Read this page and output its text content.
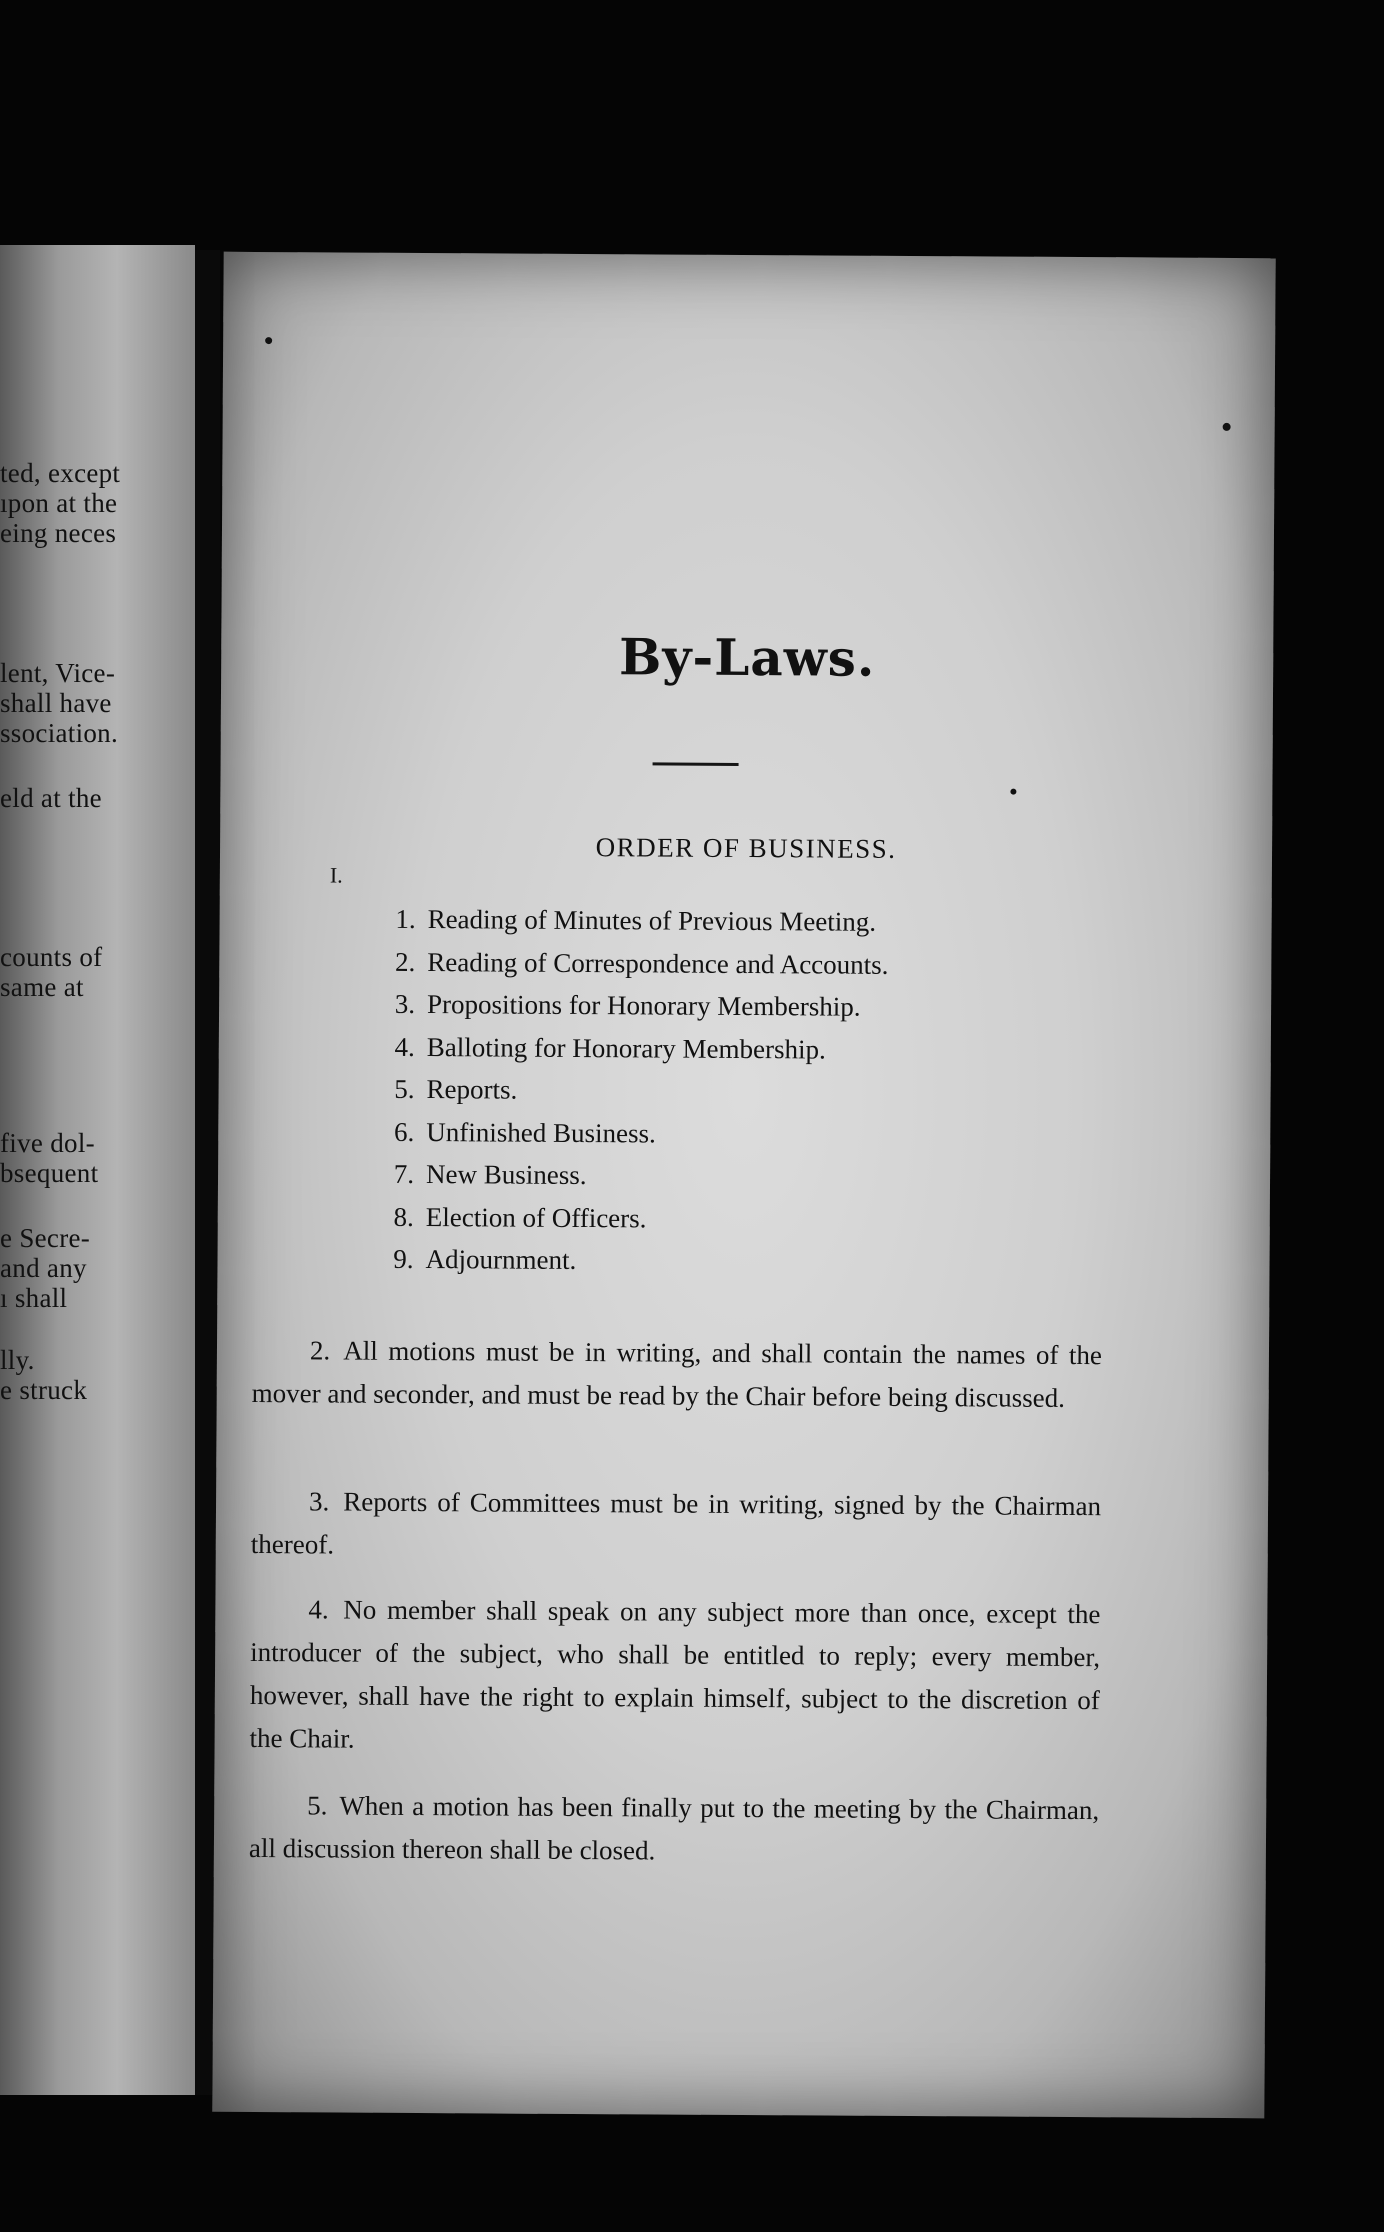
ted, except
ıpon at the
eing neces
lent, Vice-
shall have
ssociation.
eld at the
counts of
same at
five dol-
bsequent
e Secre-
and any
ı shall
lly.
e struck
By-Laws.
ORDER OF BUSINESS.
I.
1. Reading of Minutes of Previous Meeting.
2. Reading of Correspondence and Accounts.
3. Propositions for Honorary Membership.
4. Balloting for Honorary Membership.
5. Reports.
6. Unfinished Business.
7. New Business.
8. Election of Officers.
9. Adjournment.
2. All motions must be in writing, and shall contain the names of the mover and seconder, and must be read by the Chair before being discussed.
3. Reports of Committees must be in writing, signed by the Chairman thereof.
4. No member shall speak on any subject more than once, except the introducer of the subject, who shall be entitled to reply; every member, however, shall have the right to explain himself, subject to the discretion of the Chair.
5. When a motion has been finally put to the meeting by the Chairman, all discussion thereon shall be closed.
